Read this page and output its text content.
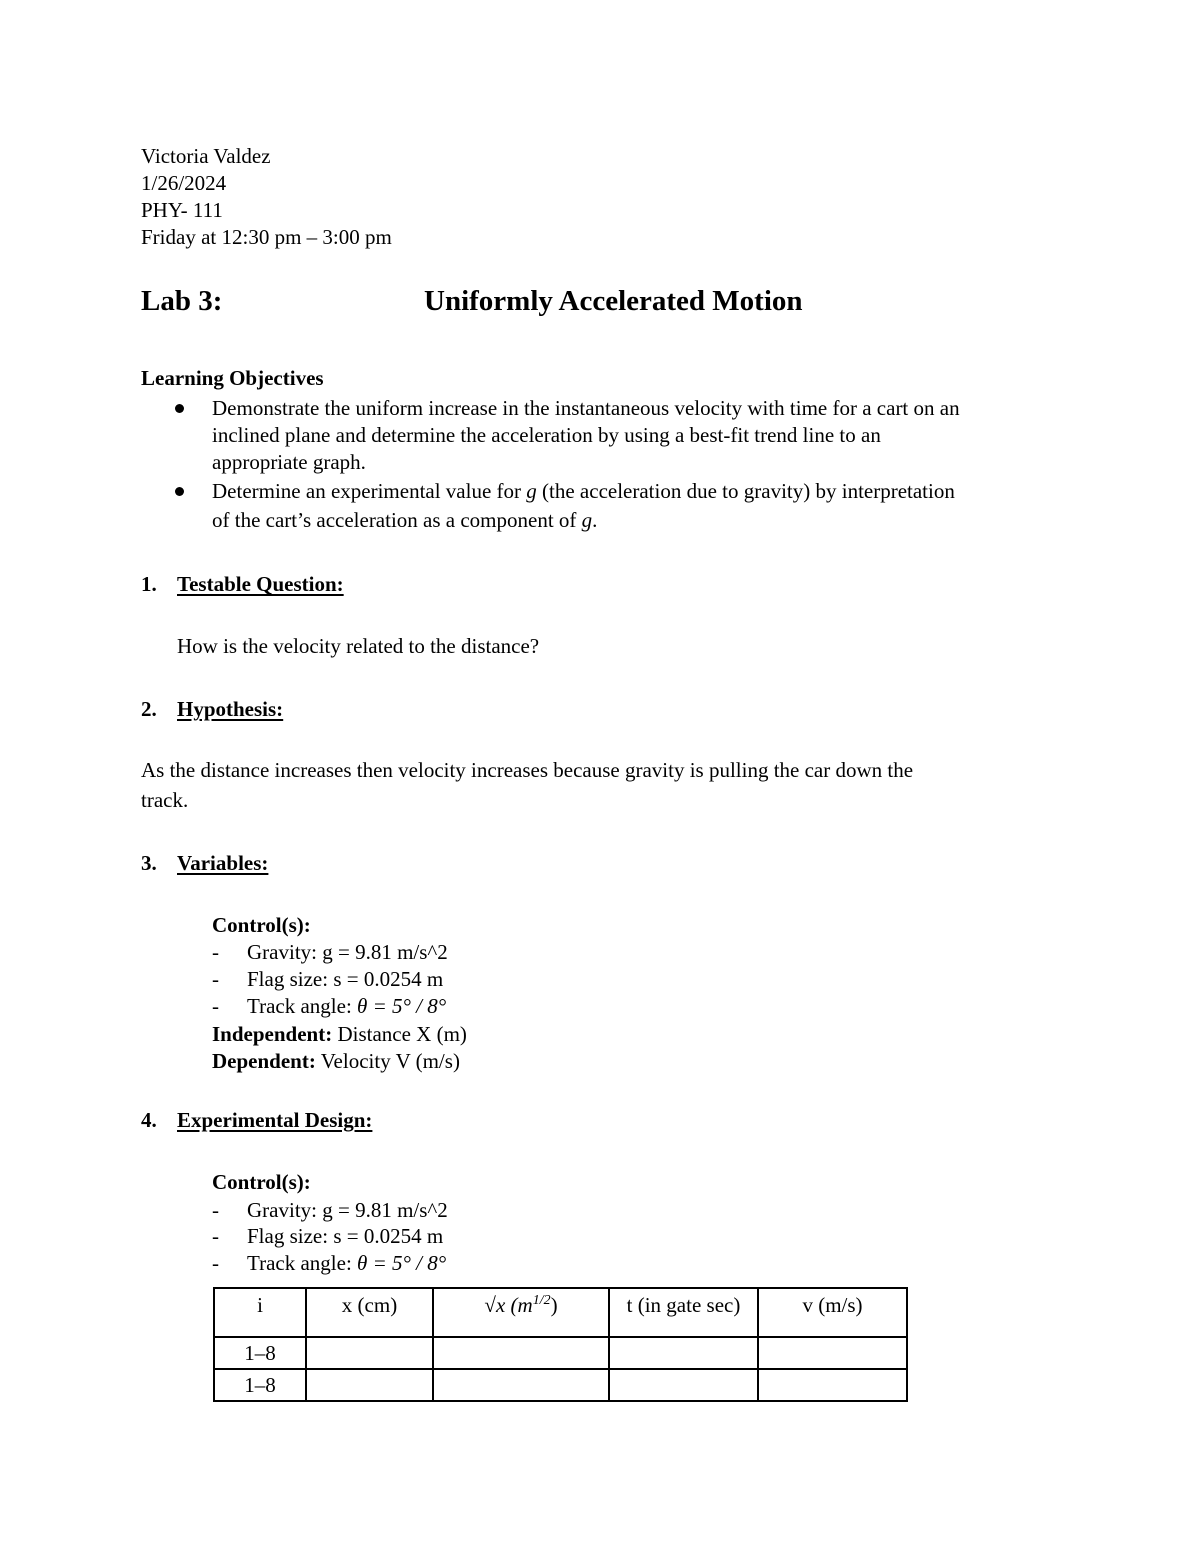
Victoria Valdez
1/26/2024
PHY- 111
Friday at 12:30 pm – 3:00 pm
Lab 3:	Uniformly Accelerated Motion
Learning Objectives
Demonstrate the uniform increase in the instantaneous velocity with time for a cart on an
inclined plane and determine the acceleration by using a best-fit trend line to an
appropriate graph.
Determine an experimental value for g (the acceleration due to gravity) by interpretation
of the cart’s acceleration as a component of g.
1. Testable Question:
How is the velocity related to the distance?
2. Hypothesis:
As the distance increases then velocity increases because gravity is pulling the car down the
track.
3. Variables:
Control(s):
- Gravity: g = 9.81 m/s^2
- Flag size: s = 0.0254 m
- Track angle: θ = 5° / 8°
Independent: Distance X (m)
Dependent: Velocity V (m/s)
4. Experimental Design:
Control(s):
- Gravity: g = 9.81 m/s^2
- Flag size: s = 0.0254 m
- Track angle: θ = 5° / 8°
i	x (cm)	√x $(m^{1/2})$	t (in gate sec)	v (m/s)
1–8				
1–8				
